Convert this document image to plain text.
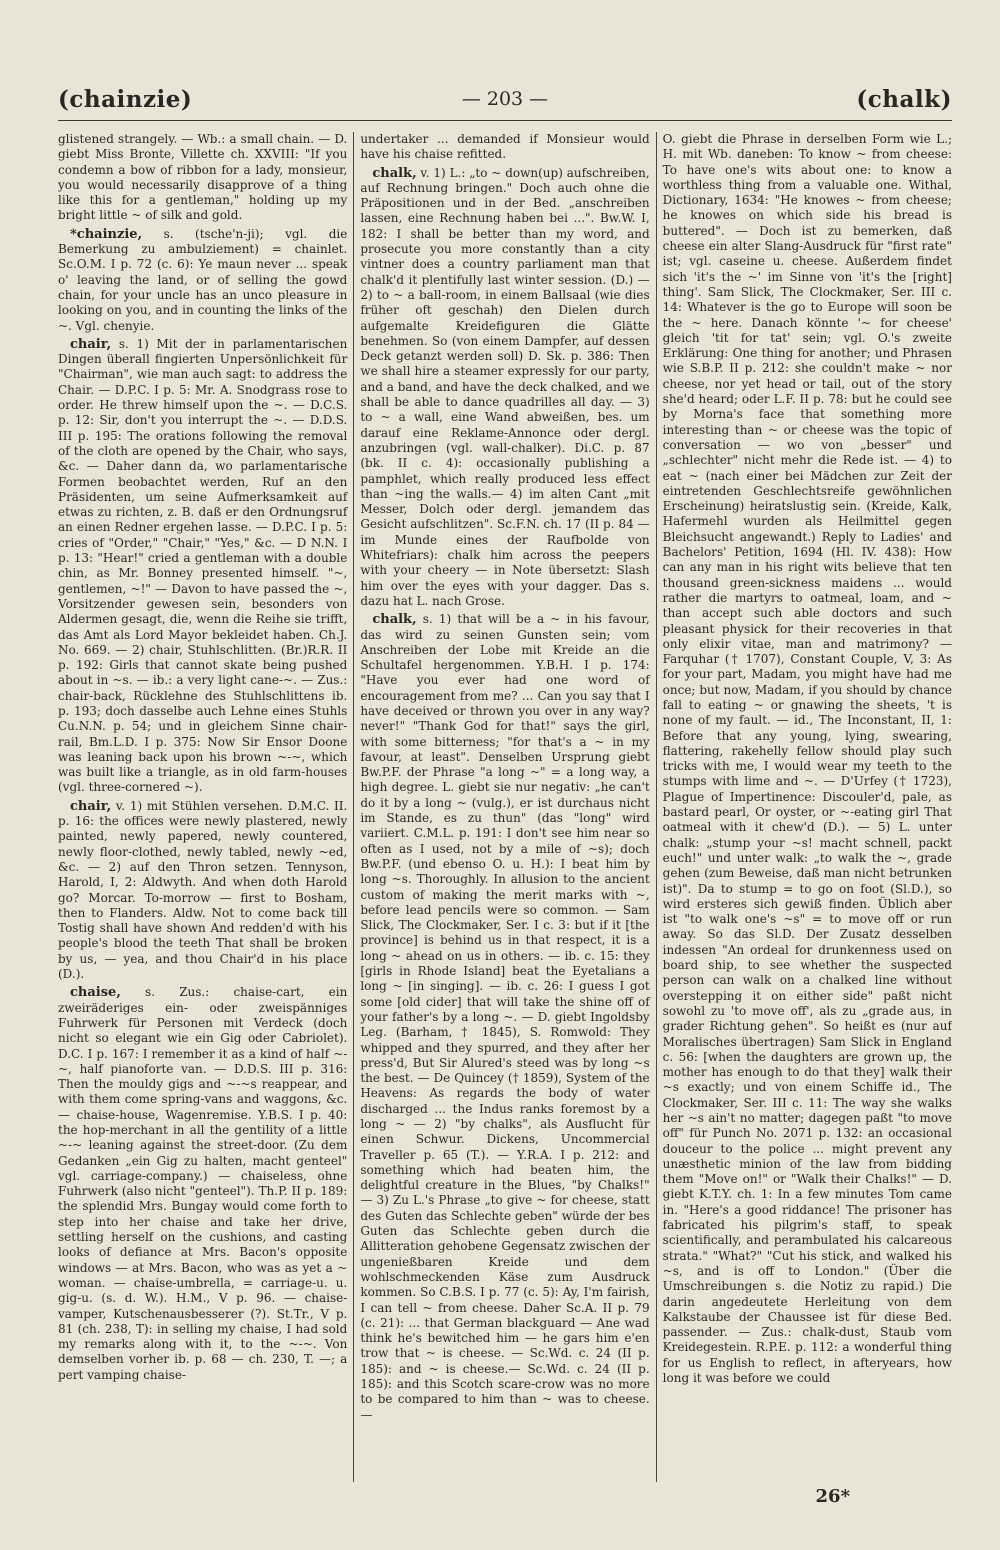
(chainzie)	— 203 —	(chalk)

glistened strangely. — Wb.: a small chain. — D. giebt Miss Bronte, Villette ch. XXVIII: "If you condemn a bow of ribbon for a lady, monsieur, you would necessarily disapprove of a thing like this for a gentleman," holding up my bright little ~ of silk and gold.

*chainzie, s. (tsche'n-ji); vgl. die Bemerkung zu ambulziement) = chainlet. Sc.O.M. I p. 72 (c. 6): Ye maun never ... speak o' leaving the land, or of selling the gowd chain, for your uncle has an unco pleasure in looking on you, and in counting the links of the ~. Vgl. chenyie.

chair, s. 1) Mit der in parlamentarischen Dingen überall fingierten Unpersönlichkeit für "Chairman", wie man auch sagt: to address the Chair. — D.P.C. I p. 5: Mr. A. Snodgrass rose to order. He threw himself upon the ~. — D.C.S. p. 12: Sir, don't you interrupt the ~. — D.D.S. III p. 195: The orations following the removal of the cloth are opened by the Chair, who says, &c. — Daher dann da, wo parlamentarische Formen beobachtet werden, Ruf an den Präsidenten, um seine Aufmerksamkeit auf etwas zu richten, z. B. daß er den Ordnungsruf an einen Redner ergehen lasse. — D.P.C. I p. 5: cries of "Order," "Chair," "Yes," &c. — D N.N. I p. 13: "Hear!" cried a gentleman with a double chin, as Mr. Bonney presented himself. "~, gentlemen, ~!" — Davon to have passed the ~, Vorsitzender gewesen sein, besonders von Aldermen gesagt, die, wenn die Reihe sie trifft, das Amt als Lord Mayor bekleidet haben. Ch.J. No. 669. — 2) chair, Stuhlschlitten. (Br.)R.R. II p. 192: Girls that cannot skate being pushed about in ~s. — ib.: a very light cane-~. — Zus.: chair-back, Rücklehne des Stuhlschlittens ib. p. 193; doch dasselbe auch Lehne eines Stuhls Cu.N.N. p. 54; und in gleichem Sinne chair-rail, Bm.L.D. I p. 375: Now Sir Ensor Doone was leaning back upon his brown ~-~, which was built like a triangle, as in old farm-houses (vgl. three-cornered ~).

chair, v. 1) mit Stühlen versehen. D.M.C. II. p. 16: the offices were newly plastered, newly painted, newly papered, newly countered, newly floor-clothed, newly tabled, newly ~ed, &c. — 2) auf den Thron setzen. Tennyson, Harold, I, 2: Aldwyth. And when doth Harold go? Morcar. To-morrow — first to Bosham, then to Flanders. Aldw. Not to come back till Tostig shall have shown And redden'd with his people's blood the teeth That shall be broken by us, — yea, and thou Chair'd in his place (D.).

chaise, s. Zus.: chaise-cart, ein zweiräderiges ein- oder zweispänniges Fuhrwerk für Personen mit Verdeck (doch nicht so elegant wie ein Gig oder Cabriolet). D.C. I p. 167: I remember it as a kind of half ~-~, half pianoforte van. — D.D.S. III p. 316: Then the mouldy gigs and ~-~s reappear, and with them come spring-vans and waggons, &c. — chaise-house, Wagenremise. Y.B.S. I p. 40: the hop-merchant in all the gentility of a little ~-~ leaning against the street-door. (Zu dem Gedanken „ein Gig zu halten, macht genteel" vgl. carriage-company.) — chaiseless, ohne Fuhrwerk (also nicht "genteel"). Th.P. II p. 189: the splendid Mrs. Bungay would come forth to step into her chaise and take her drive, settling herself on the cushions, and casting looks of defiance at Mrs. Bacon's opposite windows — at Mrs. Bacon, who was as yet a ~ woman. — chaise-umbrella, = carriage-u. u. gig-u. (s. d. W.). H.M., V p. 96. — chaise-vamper, Kutschenausbesserer (?). St.Tr., V p. 81 (ch. 238, T): in selling my chaise, I had sold my remarks along with it, to the ~-~. Von demselben vorher ib. p. 68 — ch. 230, T. —; a pert vamping chaise-

undertaker ... demanded if Monsieur would have his chaise refitted.

chalk, v. 1) L.: „to ~ down(up) aufschreiben, auf Rechnung bringen." Doch auch ohne die Präpositionen und in der Bed. „anschreiben lassen, eine Rechnung haben bei ...". Bw.W. I, 182: I shall be better than my word, and prosecute you more constantly than a city vintner does a country parliament man that chalk'd it plentifully last winter session. (D.) — 2) to ~ a ball-room, in einem Ballsaal (wie dies früher oft geschah) den Dielen durch aufgemalte Kreidefiguren die Glätte benehmen. So (von einem Dampfer, auf dessen Deck getanzt werden soll) D. Sk. p. 386: Then we shall hire a steamer expressly for our party, and a band, and have the deck chalked, and we shall be able to dance quadrilles all day. — 3) to ~ a wall, eine Wand abweißen, bes. um darauf eine Reklame-Annonce oder dergl. anzubringen (vgl. wall-chalker). Di.C. p. 87 (bk. II c. 4): occasionally publishing a pamphlet, which really produced less effect than ~ing the walls.— 4) im alten Cant „mit Messer, Dolch oder dergl. jemandem das Gesicht aufschlitzen". Sc.F.N. ch. 17 (II p. 84 — im Munde eines der Raufbolde von Whitefriars): chalk him across the peepers with your cheery — in Note übersetzt: Slash him over the eyes with your dagger. Das s. dazu hat L. nach Grose.

chalk, s. 1) that will be a ~ in his favour, das wird zu seinen Gunsten sein; vom Anschreiben der Lobe mit Kreide an die Schultafel hergenommen. Y.B.H. I p. 174: "Have you ever had one word of encouragement from me? ... Can you say that I have deceived or thrown you over in any way? never!" "Thank God for that!" says the girl, with some bitterness; "for that's a ~ in my favour, at least". Denselben Ursprung giebt Bw.P.F. der Phrase "a long ~" = a long way, a high degree. L. giebt sie nur negativ: „he can't do it by a long ~ (vulg.), er ist durchaus nicht im Stande, es zu thun" (das "long" wird variiert. C.M.L. p. 191: I don't see him near so often as I used, not by a mile of ~s); doch Bw.P.F. (und ebenso O. u. H.): I beat him by long ~s. Thoroughly. In allusion to the ancient custom of making the merit marks with ~, before lead pencils were so common. — Sam Slick, The Clockmaker, Ser. I c. 3: but if it [the province] is behind us in that respect, it is a long ~ ahead on us in others. — ib. c. 15: they [girls in Rhode Island] beat the Eyetalians a long ~ [in singing]. — ib. c. 26: I guess I got some [old cider] that will take the shine off of your father's by a long ~. — D. giebt Ingoldsby Leg. (Barham, † 1845), S. Romwold: They whipped and they spurred, and they after her press'd, But Sir Alured's steed was by long ~s the best. — De Quincey († 1859), System of the Heavens: As regards the body of water discharged ... the Indus ranks foremost by a long ~ — 2) "by chalks", als Ausflucht für einen Schwur. Dickens, Uncommercial Traveller p. 65 (T.). — Y.R.A. I p. 212: and something which had beaten him, the delightful creature in the Blues, "by Chalks!" — 3) Zu L.'s Phrase „to give ~ for cheese, statt des Guten das Schlechte geben" würde der bes Guten das Schlechte geben durch die Allitteration gehobene Gegensatz zwischen der ungenießbaren Kreide und dem wohlschmeckenden Käse zum Ausdruck kommen. So C.B.S. I p. 77 (c. 5): Ay, I'm fairish, I can tell ~ from cheese. Daher Sc.A. II p. 79 (c. 21): ... that German blackguard — Ane wad think he's bewitched him — he gars him e'en trow that ~ is cheese. — Sc.Wd. c. 24 (II p. 185): and ~ is cheese.— Sc.Wd. c. 24 (II p. 185): and this Scotch scare-crow was no more to be compared to him than ~ was to cheese. —

O. giebt die Phrase in derselben Form wie L.; H. mit Wb. daneben: To know ~ from cheese: To have one's wits about one: to know a worthless thing from a valuable one. Withal, Dictionary, 1634: "He knowes ~ from cheese; he knowes on which side his bread is buttered". — Doch ist zu bemerken, daß cheese ein alter Slang-Ausdruck für "first rate" ist; vgl. caseine u. cheese. Außerdem findet sich 'it's the ~' im Sinne von 'it's the [right] thing'. Sam Slick, The Clockmaker, Ser. III c. 14: Whatever is the go to Europe will soon be the ~ here. Danach könnte '~ for cheese' gleich 'tit for tat' sein; vgl. O.'s zweite Erklärung: One thing for another; und Phrasen wie S.B.P. II p. 212: she couldn't make ~ nor cheese, nor yet head or tail, out of the story she'd heard; oder L.F. II p. 78: but he could see by Morna's face that something more interesting than ~ or cheese was the topic of conversation — wo von „besser" und „schlechter" nicht mehr die Rede ist. — 4) to eat ~ (nach einer bei Mädchen zur Zeit der eintretenden Geschlechtsreife gewöhnlichen Erscheinung) heiratslustig sein. (Kreide, Kalk, Hafermehl wurden als Heilmittel gegen Bleichsucht angewandt.) Reply to Ladies' and Bachelors' Petition, 1694 (Hl. IV. 438): How can any man in his right wits believe that ten thousand green-sickness maidens ... would rather die martyrs to oatmeal, loam, and ~ than accept such able doctors and such pleasant physick for their recoveries in that only elixir vitae, man and matrimony? — Farquhar († 1707), Constant Couple, V, 3: As for your part, Madam, you might have had me once; but now, Madam, if you should by chance fall to eating ~ or gnawing the sheets, 't is none of my fault. — id., The Inconstant, II, 1: Before that any young, lying, swearing, flattering, rakehelly fellow should play such tricks with me, I would wear my teeth to the stumps with lime and ~. — D'Urfey († 1723), Plague of Impertinence: Discouler'd, pale, as bastard pearl, Or oyster, or ~-eating girl That oatmeal with it chew'd (D.). — 5) L. unter chalk: „stump your ~s! macht schnell, packt euch!" und unter walk: „to walk the ~, grade gehen (zum Beweise, daß man nicht betrunken ist)". Da to stump = to go on foot (Sl.D.), so wird ersteres sich gewiß finden. Üblich aber ist "to walk one's ~s" = to move off or run away. So das Sl.D. Der Zusatz desselben indessen "An ordeal for drunkenness used on board ship, to see whether the suspected person can walk on a chalked line without overstepping it on either side" paßt nicht sowohl zu 'to move off', als zu „grade aus, in grader Richtung gehen". So heißt es (nur auf Moralisches übertragen) Sam Slick in England c. 56: [when the daughters are grown up, the mother has enough to do that they] walk their ~s exactly; und von einem Schiffe id., The Clockmaker, Ser. III c. 11: The way she walks her ~s ain't no matter; dagegen paßt "to move off" für Punch No. 2071 p. 132: an occasional douceur to the police ... might prevent any unæsthetic minion of the law from bidding them "Move on!" or "Walk their Chalks!" — D. giebt K.T.Y. ch. 1: In a few minutes Tom came in. "Here's a good riddance! The prisoner has fabricated his pilgrim's staff, to speak scientifically, and perambulated his calcareous strata." "What?" "Cut his stick, and walked his ~s, and is off to London." (Über die Umschreibungen s. die Notiz zu rapid.) Die darin angedeutete Herleitung von dem Kalkstaube der Chaussee ist für diese Bed. passender. — Zus.: chalk-dust, Staub vom Kreidegestein. R.P.E. p. 112: a wonderful thing for us English to reflect, in afteryears, how long it was before we could

26*
